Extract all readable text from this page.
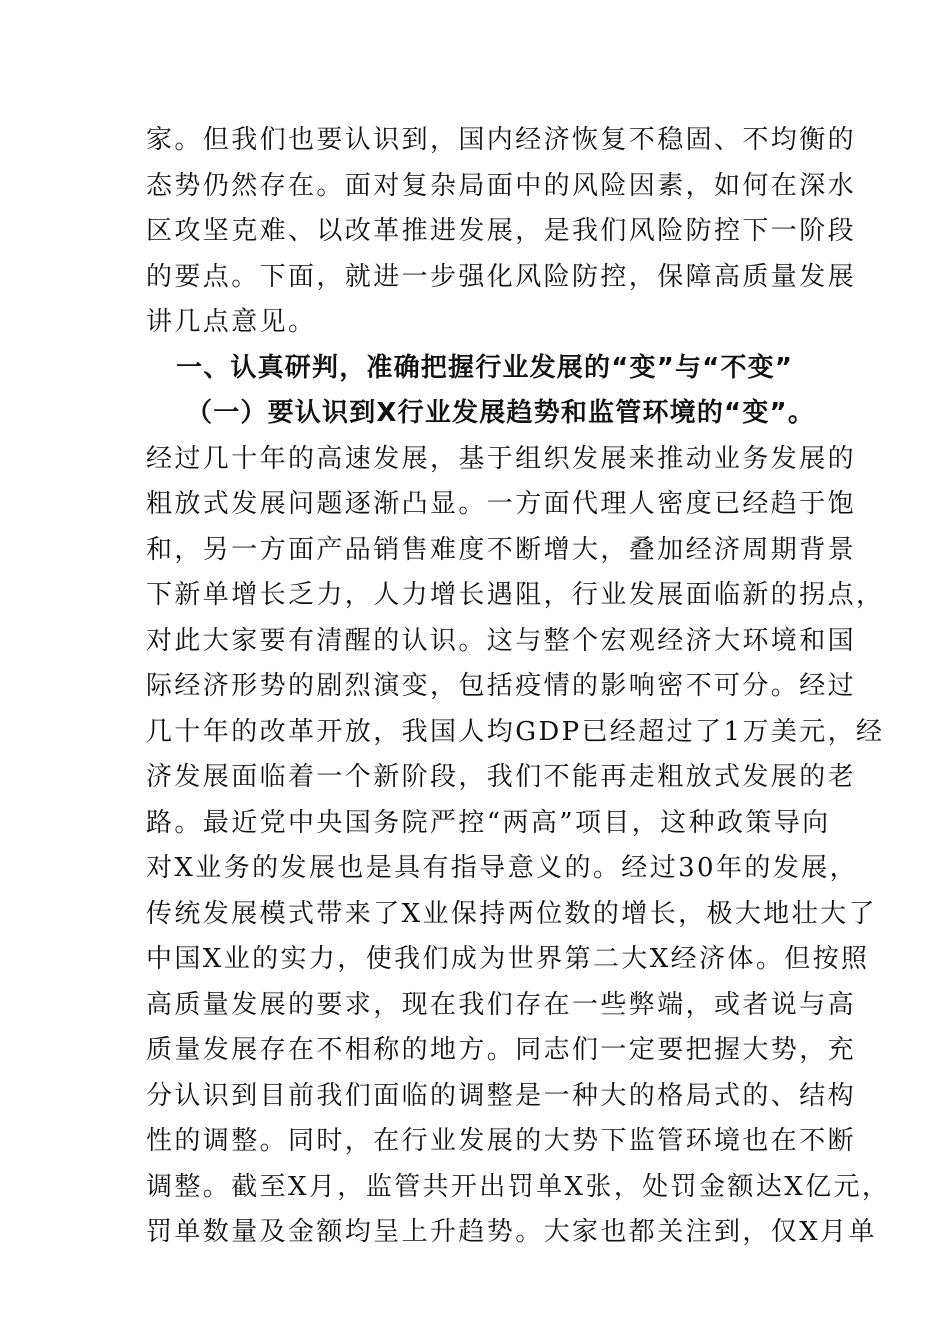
家。但我们也要认识到，国内经济恢复不稳固、不均衡的
态势仍然存在。面对复杂局面中的风险因素，如何在深水
区攻坚克难、以改革推进发展，是我们风险防控下一阶段
的要点。下面，就进一步强化风险防控，保障高质量发展
讲几点意见。
一、认真研判，准确把握行业发展的“变”与“不变”
（一）要认识到X行业发展趋势和监管环境的“变”。
经过几十年的高速发展，基于组织发展来推动业务发展的
粗放式发展问题逐渐凸显。一方面代理人密度已经趋于饱
和，另一方面产品销售难度不断增大，叠加经济周期背景
下新单增长乏力，人力增长遇阻，行业发展面临新的拐点，
对此大家要有清醒的认识。这与整个宏观经济大环境和国
际经济形势的剧烈演变，包括疫情的影响密不可分。经过
几十年的改革开放，我国人均GDP已经超过了1万美元，经
济发展面临着一个新阶段，我们不能再走粗放式发展的老
路。最近党中央国务院严控“两高”项目，这种政策导向
对X业务的发展也是具有指导意义的。经过30年的发展，
传统发展模式带来了X业保持两位数的增长，极大地壮大了
中国X业的实力，使我们成为世界第二大X经济体。但按照
高质量发展的要求，现在我们存在一些弊端，或者说与高
质量发展存在不相称的地方。同志们一定要把握大势，充
分认识到目前我们面临的调整是一种大的格局式的、结构
性的调整。同时，在行业发展的大势下监管环境也在不断
调整。截至X月，监管共开出罚单X张，处罚金额达X亿元，
罚单数量及金额均呈上升趋势。大家也都关注到，仅X月单
